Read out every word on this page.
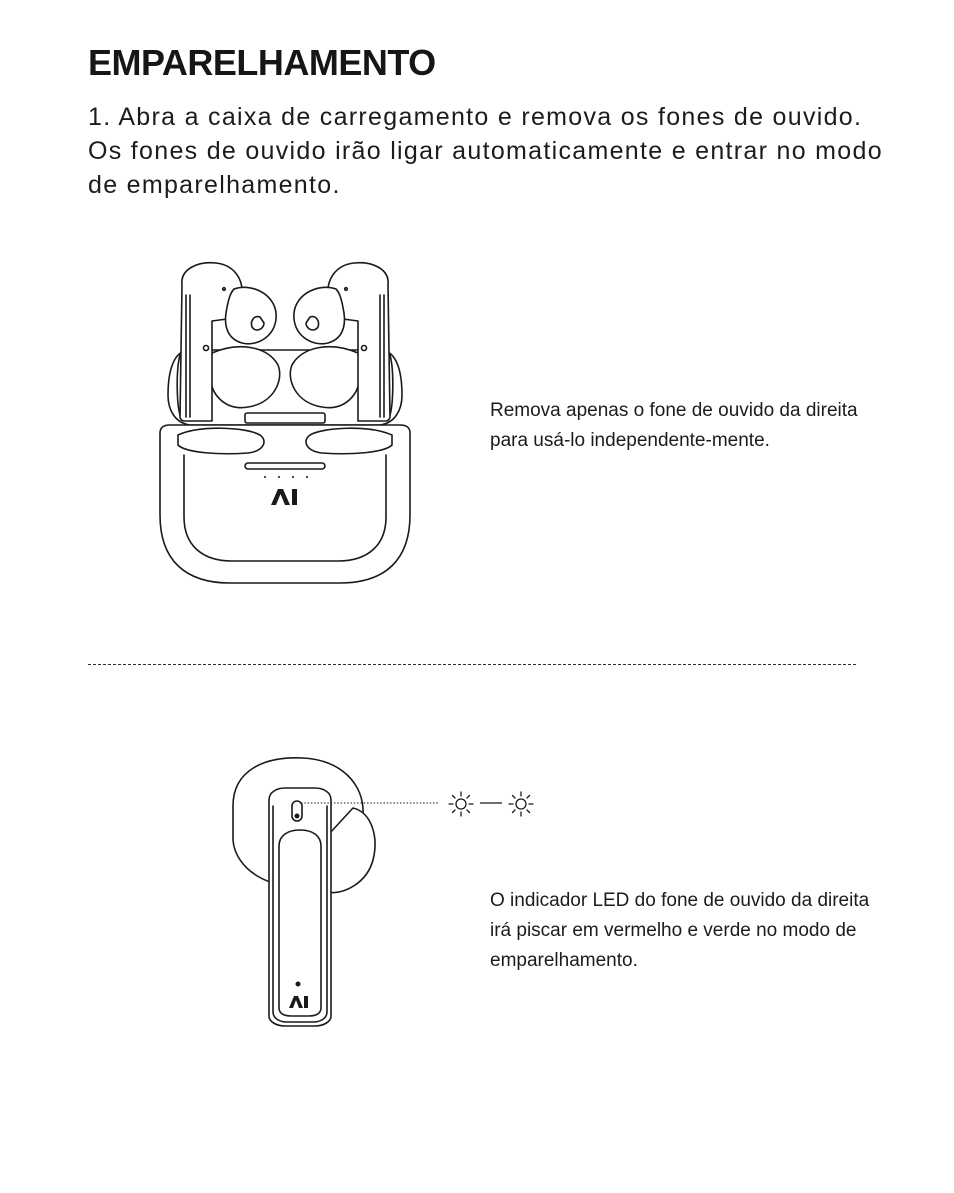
EMPARELHAMENTO

1. Abra a caixa de carregamento e remova os fones de ouvido. Os fones de ouvido irão ligar automaticamente e entrar no modo de emparelhamento.

Remova apenas o fone de ouvido da direita para usá-lo independente-mente.

O indicador LED do fone de ouvido da direita irá piscar em vermelho e verde no modo de emparelhamento.
